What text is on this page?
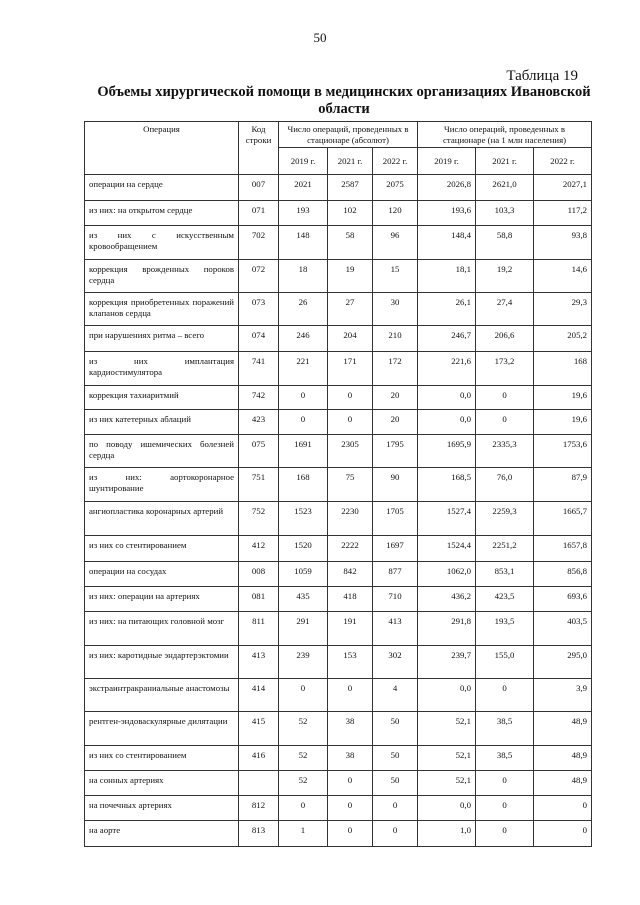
50
Таблица 19
Объемы хирургической помощи в медицинских организациях Ивановской области
Операция	Код строки	Число операций, проведенных в стационаре (абсолют)			Число операций, проведенных в стационаре (на 1 млн населения)		
		2019 г.	2021 г.	2022 г.	2019 г.	2021 г.	2022 г.
операции на сердце	007	2021	2587	2075	2026,8	2621,0	2027,1
из них: на открытом сердце	071	193	102	120	193,6	103,3	117,2
из них с искусственным кровообращением	702	148	58	96	148,4	58,8	93,8
коррекция врожденных пороков сердца	072	18	19	15	18,1	19,2	14,6
коррекция приобретенных поражений клапанов сердца	073	26	27	30	26,1	27,4	29,3
при нарушениях ритма – всего	074	246	204	210	246,7	206,6	205,2
из них имплантация кардиостимулятора	741	221	171	172	221,6	173,2	168
коррекция тахиаритмий	742	0	0	20	0,0	0	19,6
из них катетерных аблаций	423	0	0	20	0,0	0	19,6
по поводу ишемических болезней сердца	075	1691	2305	1795	1695,9	2335,3	1753,6
из них: аортокоронарное шунтирование	751	168	75	90	168,5	76,0	87,9
ангиопластика коронарных артерий	752	1523	2230	1705	1527,4	2259,3	1665,7
из них со стентированием	412	1520	2222	1697	1524,4	2251,2	1657,8
операции на сосудах	008	1059	842	877	1062,0	853,1	856,8
из них: операции на артериях	081	435	418	710	436,2	423,5	693,6
из них: на питающих головной мозг	811	291	191	413	291,8	193,5	403,5
из них: каротидные эндартерэктомии	413	239	153	302	239,7	155,0	295,0
экстраинтракраниальные анастомозы	414	0	0	4	0,0	0	3,9
рентген-эндоваскулярные дилятации	415	52	38	50	52,1	38,5	48,9
из них со стентированием	416	52	38	50	52,1	38,5	48,9
на сонных артериях		52	0	50	52,1	0	48,9
на почечных артериях	812	0	0	0	0,0	0	0
на аорте	813	1	0	0	1,0	0	0
